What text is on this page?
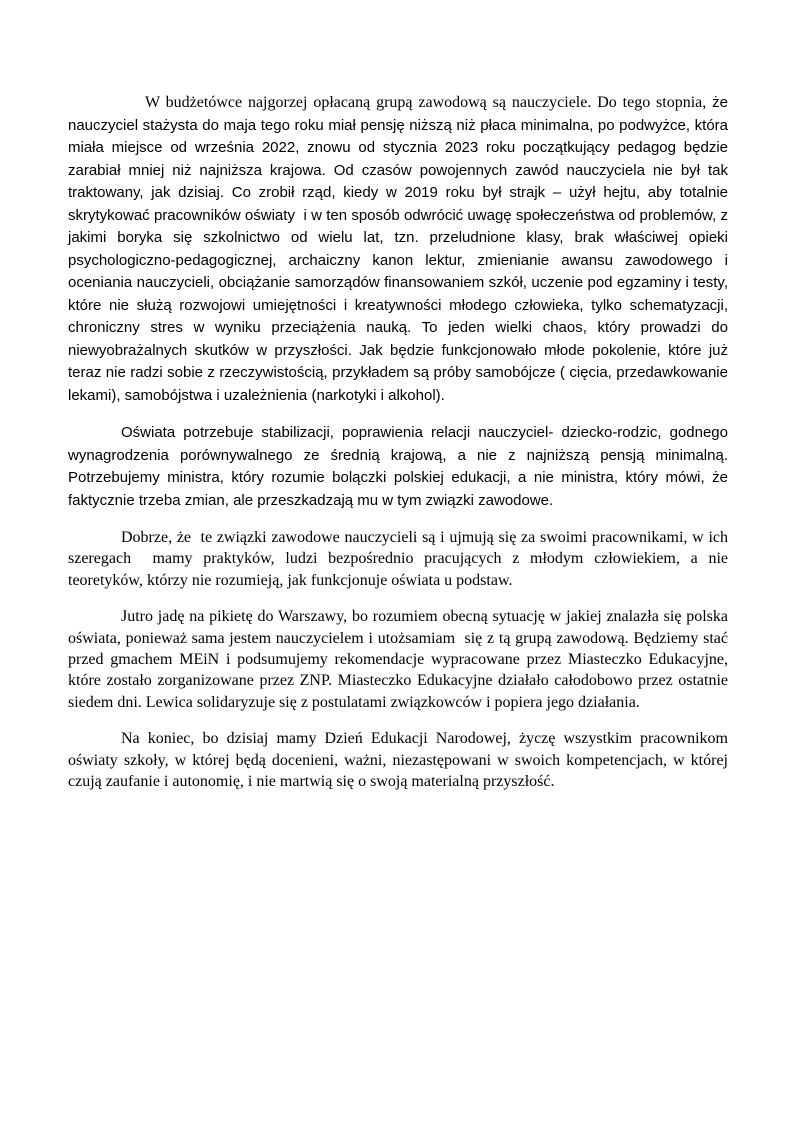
W budżetówce najgorzej opłacaną grupą zawodową są nauczyciele. Do tego stopnia, że nauczyciel stażysta do maja tego roku miał pensję niższą niż płaca minimalna, po podwyżce, która miała miejsce od września 2022, znowu od stycznia 2023 roku początkujący pedagog będzie zarabiał mniej niż najniższa krajowa. Od czasów powojennych zawód nauczyciela nie był tak traktowany, jak dzisiaj. Co zrobił rząd, kiedy w 2019 roku był strajk – użył hejtu, aby totalnie skrytykować pracowników oświaty  i w ten sposób odwrócić uwagę społeczeństwa od problemów, z jakimi boryka się szkolnictwo od wielu lat, tzn. przeludnione klasy, brak właściwej opieki psychologiczno-pedagogicznej, archaiczny kanon lektur, zmienianie awansu zawodowego i oceniania nauczycieli, obciążanie samorządów finansowaniem szkół, uczenie pod egzaminy i testy, które nie służą rozwojowi umiejętności i kreatywności młodego człowieka, tylko schematyzacji, chroniczny stres w wyniku przeciążenia nauką. To jeden wielki chaos, który prowadzi do niewyobrażalnych skutków w przyszłości. Jak będzie funkcjonowało młode pokolenie, które już teraz nie radzi sobie z rzeczywistością, przykładem są próby samobójcze ( cięcia, przedawkowanie lekami), samobójstwa i uzależnienia (narkotyki i alkohol).

Oświata potrzebuje stabilizacji, poprawienia relacji nauczyciel- dziecko-rodzic, godnego wynagrodzenia porównywalnego ze średnią krajową, a nie z najniższą pensją minimalną. Potrzebujemy ministra, który rozumie bolączki polskiej edukacji, a nie ministra, który mówi, że faktycznie trzeba zmian, ale przeszkadzają mu w tym związki zawodowe.

Dobrze, że  te związki zawodowe nauczycieli są i ujmują się za swoimi pracownikami, w ich szeregach  mamy praktyków, ludzi bezpośrednio pracujących z młodym człowiekiem, a nie teoretyków, którzy nie rozumieją, jak funkcjonuje oświata u podstaw.

Jutro jadę na pikietę do Warszawy, bo rozumiem obecną sytuację w jakiej znalazła się polska oświata, ponieważ sama jestem nauczycielem i utożsamiam  się z tą grupą zawodową. Będziemy stać przed gmachem MEiN i podsumujemy rekomendacje wypracowane przez Miasteczko Edukacyjne, które zostało zorganizowane przez ZNP. Miasteczko Edukacyjne działało całodobowo przez ostatnie siedem dni. Lewica solidaryzuje się z postulatami związkowców i popiera jego działania.

Na koniec, bo dzisiaj mamy Dzień Edukacji Narodowej, życzę wszystkim pracownikom oświaty szkoły, w której będą docenieni, ważni, niezastępowani w swoich kompetencjach, w której czują zaufanie i autonomię, i nie martwią się o swoją materialną przyszłość.
